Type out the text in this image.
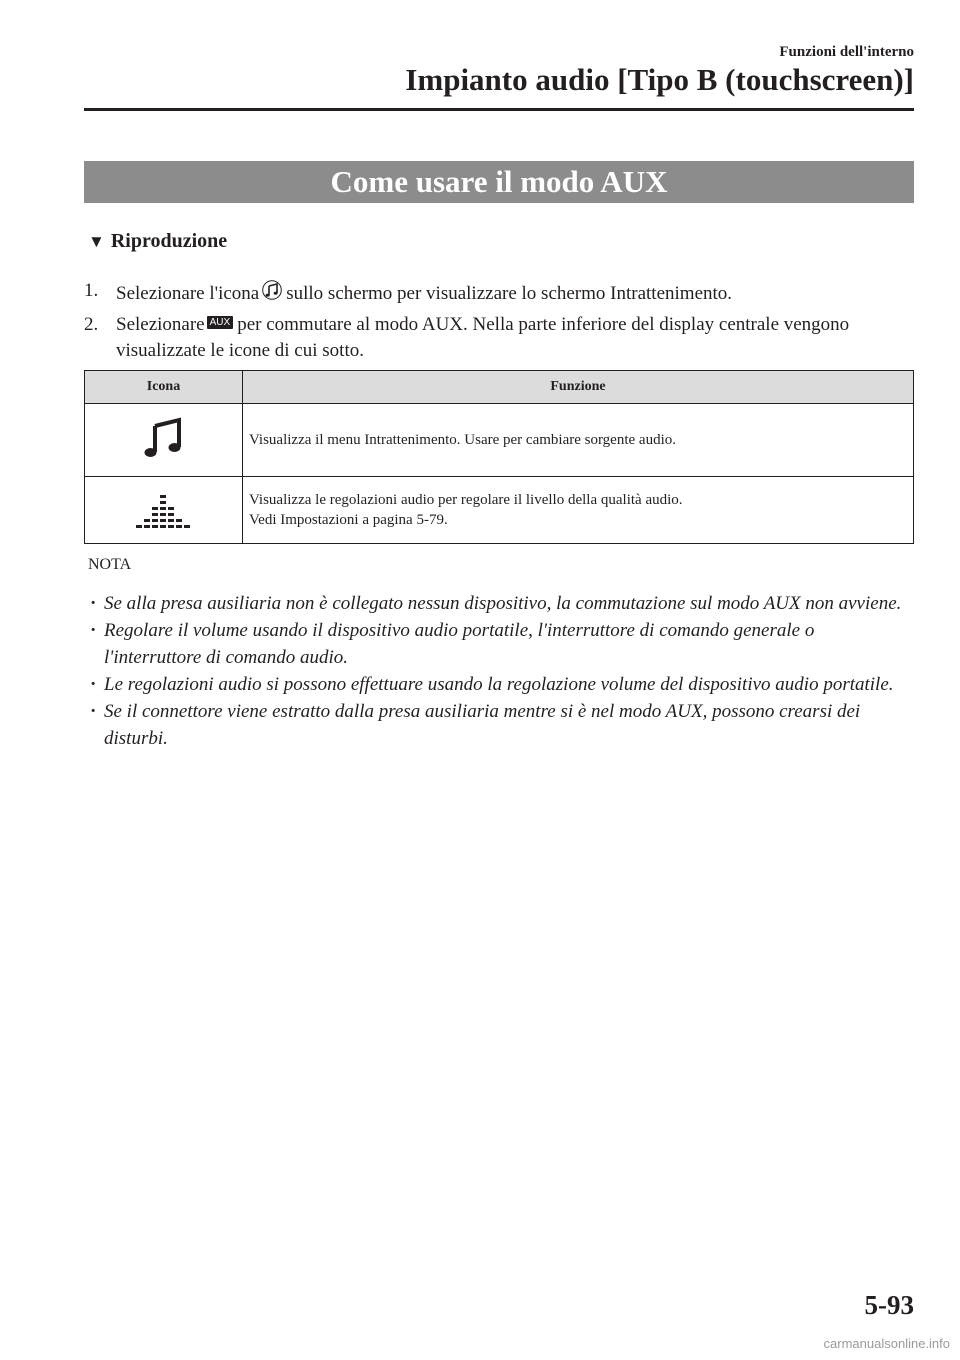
Funzioni dell'interno
Impianto audio [Tipo B (touchscreen)]
Come usare il modo AUX
▼ Riproduzione
1. Selezionare l'icona sullo schermo per visualizzare lo schermo Intrattenimento.
2. Selezionare AUX per commutare al modo AUX. Nella parte inferiore del display centrale vengono visualizzate le icone di cui sotto.
Icona	Funzione

Visualizza il menu Intrattenimento. Usare per cambiare sorgente audio.

Visualizza le regolazioni audio per regolare il livello della qualità audio.
Vedi Impostazioni a pagina 5-79.
NOTA
· Se alla presa ausiliaria non è collegato nessun dispositivo, la commutazione sul modo AUX non avviene.
· Regolare il volume usando il dispositivo audio portatile, l'interruttore di comando generale o l'interruttore di comando audio.
· Le regolazioni audio si possono effettuare usando la regolazione volume del dispositivo audio portatile.
· Se il connettore viene estratto dalla presa ausiliaria mentre si è nel modo AUX, possono crearsi dei disturbi.
5-93
carmanualsonline.info
